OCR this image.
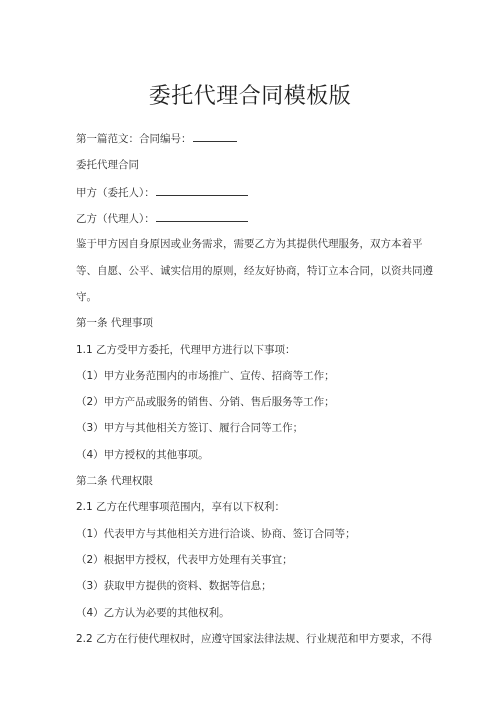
委托代理合同模板版
第一篇范文：合同编号：
委托代理合同
甲方（委托人）：
乙方（代理人）：
鉴于甲方因自身原因或业务需求，需要乙方为其提供代理服务，双方本着平
等、自愿、公平、诚实信用的原则，经友好协商，特订立本合同，以资共同遵
守。
第一条 代理事项
1.1 乙方受甲方委托，代理甲方进行以下事项：
（1）甲方业务范围内的市场推广、宣传、招商等工作；
（2）甲方产品或服务的销售、分销、售后服务等工作；
（3）甲方与其他相关方签订、履行合同等工作；
（4）甲方授权的其他事项。
第二条 代理权限
2.1 乙方在代理事项范围内，享有以下权利：
（1）代表甲方与其他相关方进行洽谈、协商、签订合同等；
（2）根据甲方授权，代表甲方处理有关事宜；
（3）获取甲方提供的资料、数据等信息；
（4）乙方认为必要的其他权利。
2.2 乙方在行使代理权时，应遵守国家法律法规、行业规范和甲方要求，不得
